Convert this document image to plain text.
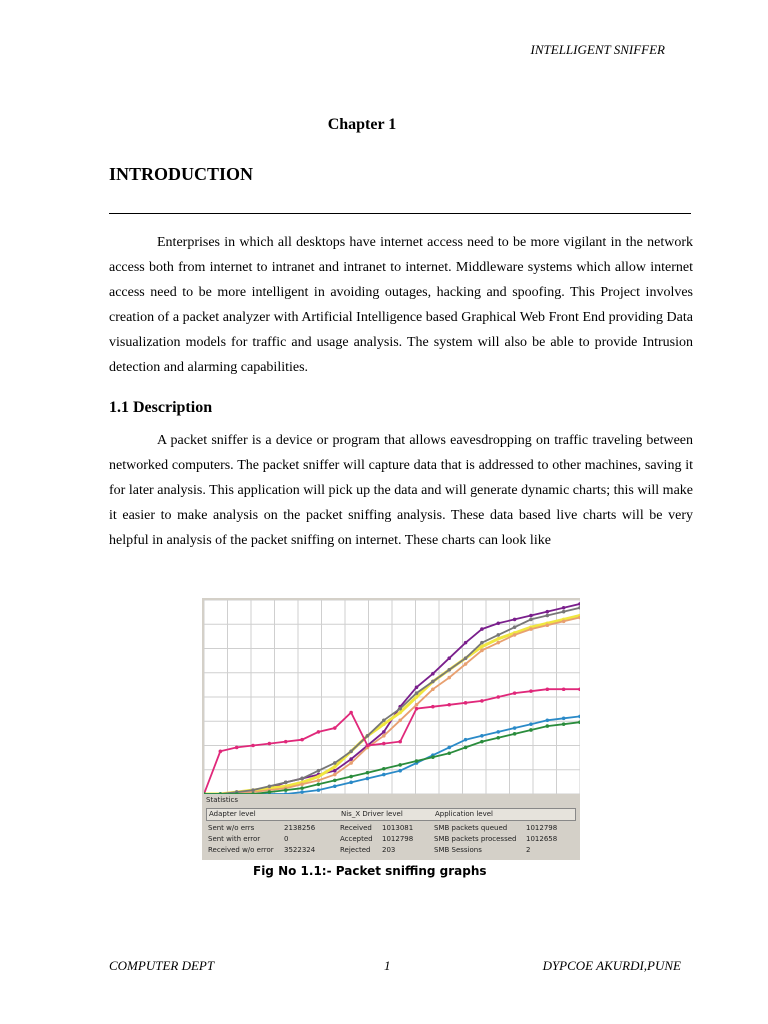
INTELLIGENT SNIFFER
Chapter 1
INTRODUCTION

Enterprises in which all desktops have internet access need to be more vigilant in the network access both from internet to intranet and intranet to internet. Middleware systems which allow internet access need to be more intelligent in avoiding outages, hacking and spoofing. This Project involves creation of a packet analyzer with Artificial Intelligence based Graphical Web Front End providing Data visualization models for traffic and usage analysis. The system will also be able to provide Intrusion detection and alarming capabilities.

1.1 Description

A packet sniffer is a device or program that allows eavesdropping on traffic traveling between networked computers. The packet sniffer will capture data that is addressed to other machines, saving it for later analysis. This application will pick up the data and will generate dynamic charts; this will make it easier to make analysis on the packet sniffing analysis. These data based live charts will be very helpful in analysis of the packet sniffing on internet. These charts can look like

Statistics
Adapter level	Nis_X Driver level	Application level
Sent w/o errs	2138256	Received 1013081	SMB packets queued	1012798
Sent with error	0	Accepted 1012798	SMB packets processed 1012658
Received w/o error 3522324	Rejected 203	SMB Sessions	2
Fig No 1.1:- Packet sniffing graphs
COMPUTER DEPT	1	DYPCOE AKURDI,PUNE
